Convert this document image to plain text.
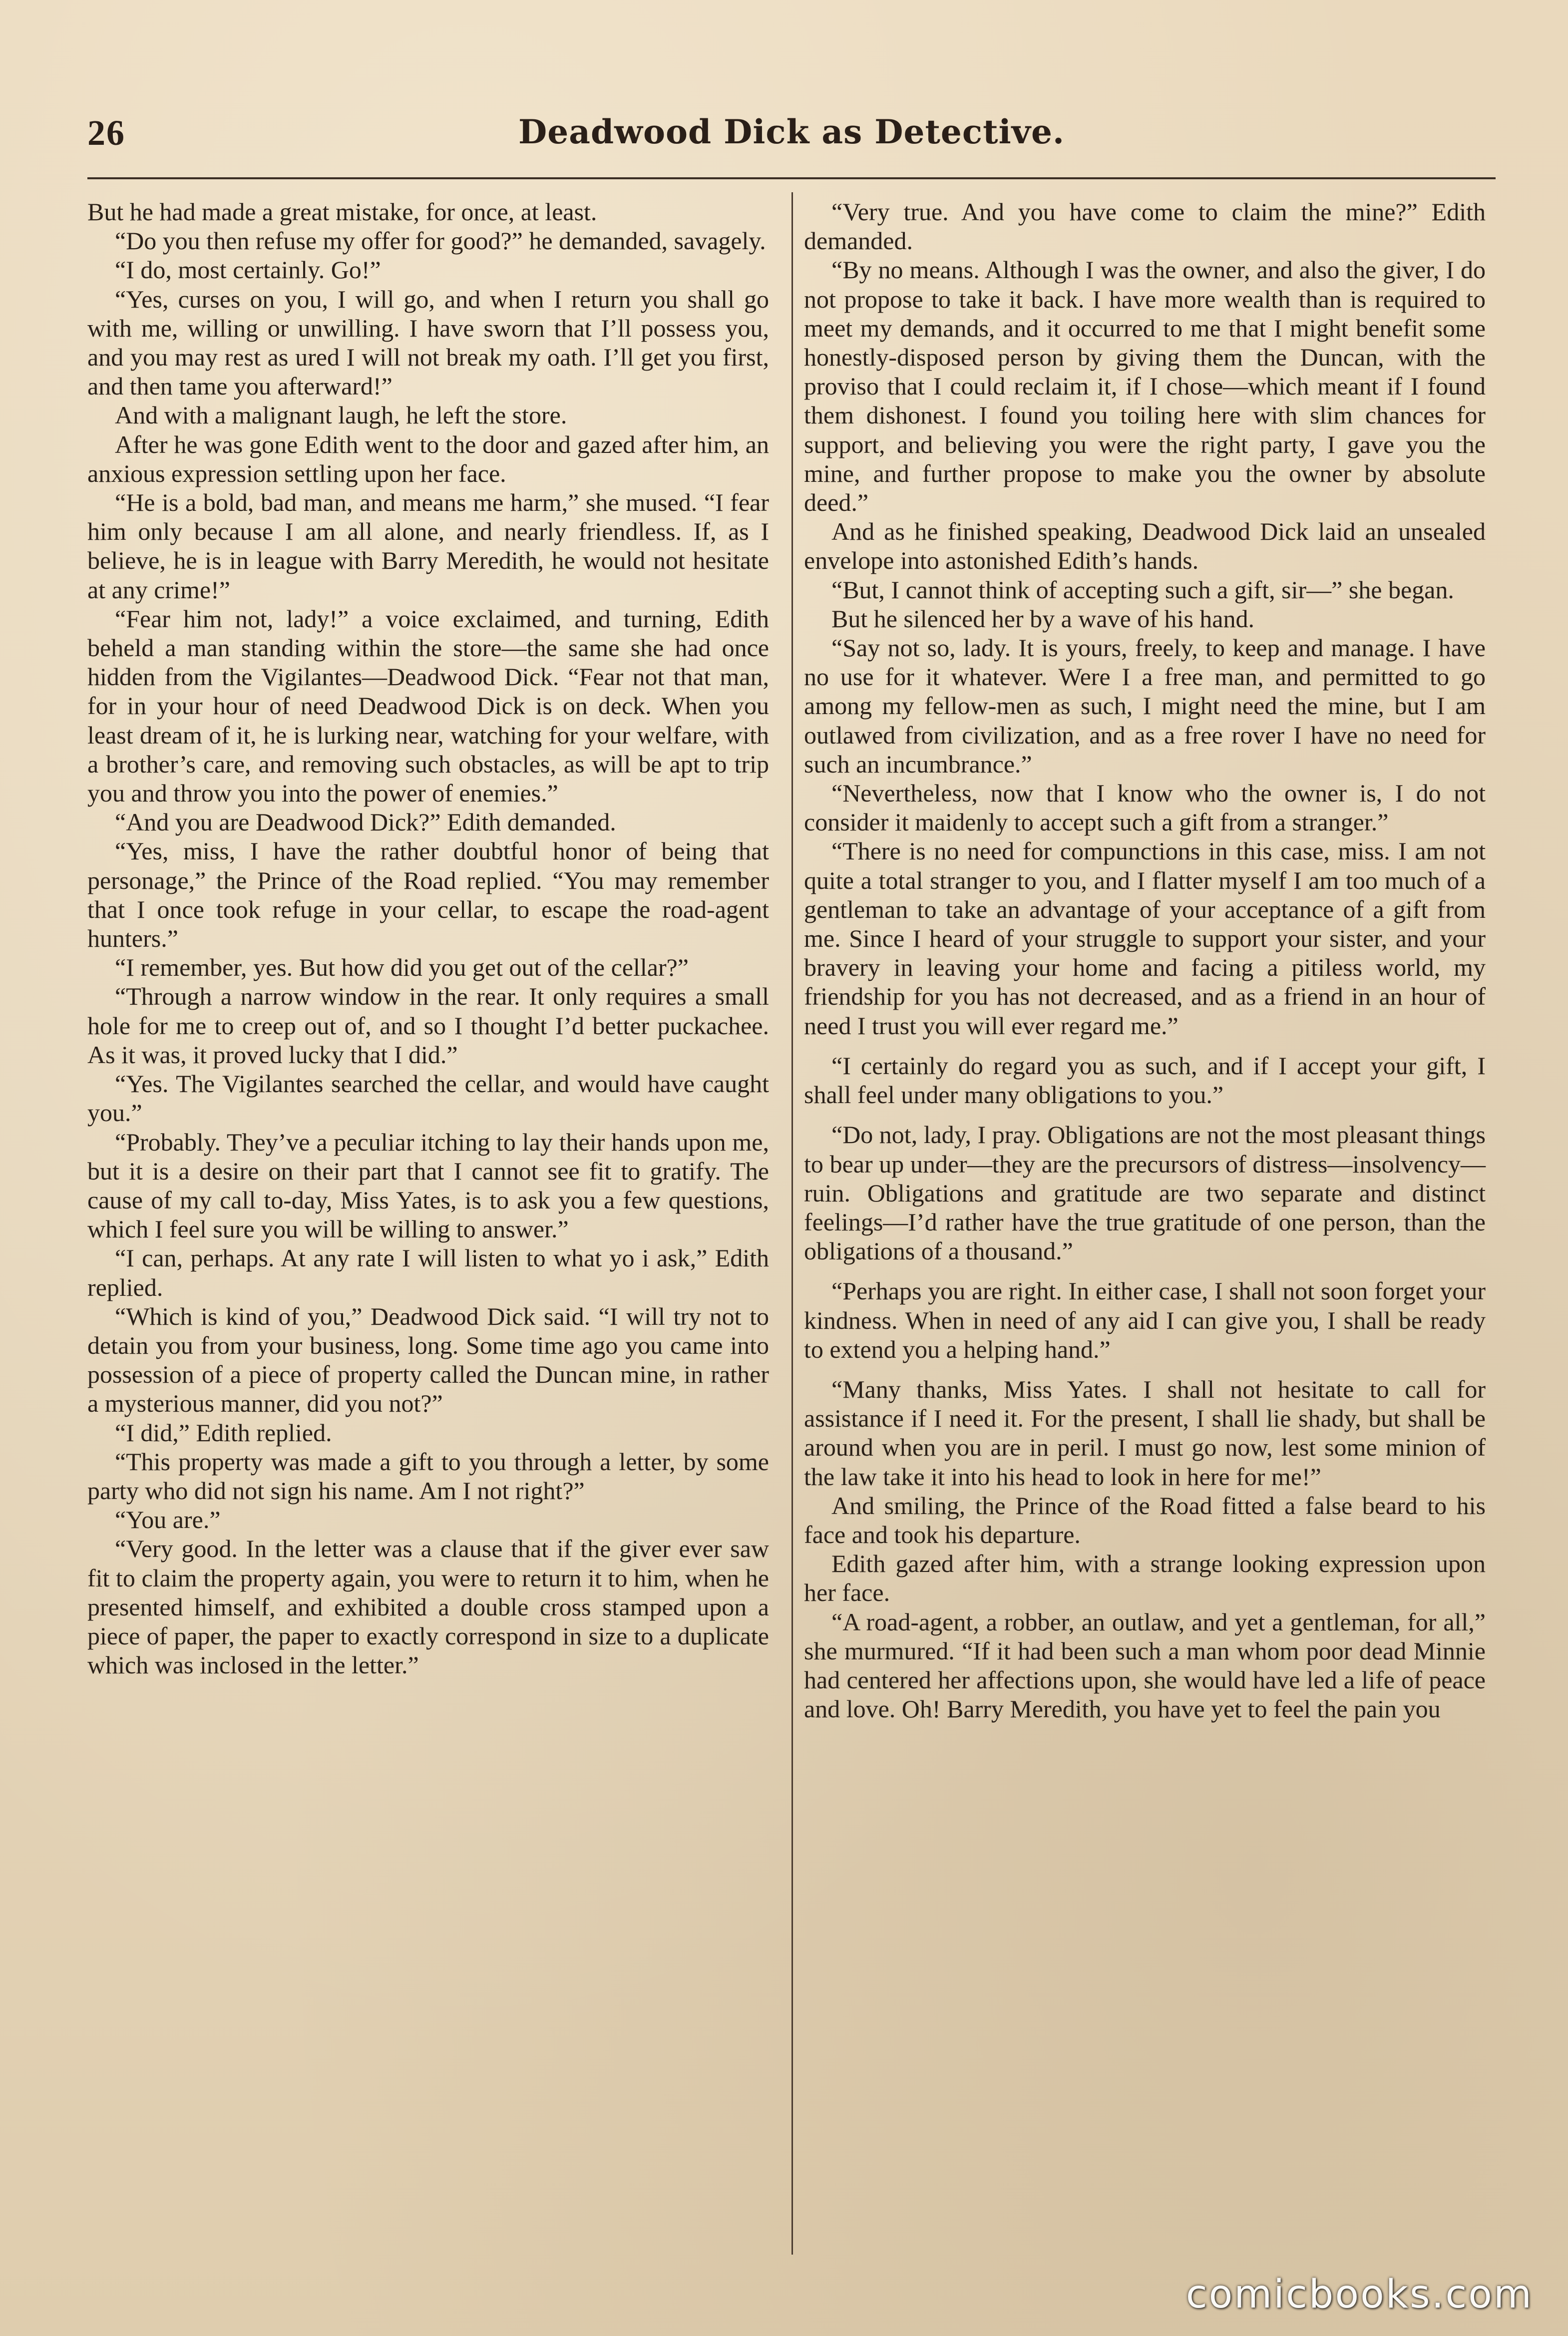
26	Deadwood Dick as Detective.

But he had made a great mistake, for once, at least.

“Do you then refuse my offer for good?” he demanded, savagely.

“I do, most certainly. Go!”

“Yes, curses on you, I will go, and when I return you shall go with me, willing or unwilling. I have sworn that I’ll possess you, and you may rest as ured I will not break my oath. I’ll get you first, and then tame you afterward!”

And with a malignant laugh, he left the store.

After he was gone Edith went to the door and gazed after him, an anxious expression settling upon her face.

“He is a bold, bad man, and means me harm,” she mused. “I fear him only because I am all alone, and nearly friendless. If, as I believe, he is in league with Barry Meredith, he would not hesitate at any crime!”

“Fear him not, lady!” a voice exclaimed, and turning, Edith beheld a man standing within the store—the same she had once hidden from the Vigilantes—Deadwood Dick. “Fear not that man, for in your hour of need Deadwood Dick is on deck. When you least dream of it, he is lurking near, watching for your welfare, with a brother’s care, and removing such obstacles, as will be apt to trip you and throw you into the power of enemies.”

“And you are Deadwood Dick?” Edith demanded.

“Yes, miss, I have the rather doubtful honor of being that personage,” the Prince of the Road replied. “You may remember that I once took refuge in your cellar, to escape the road-agent hunters.”

“I remember, yes. But how did you get out of the cellar?”

“Through a narrow window in the rear. It only requires a small hole for me to creep out of, and so I thought I’d better puckachee. As it was, it proved lucky that I did.”

“Yes. The Vigilantes searched the cellar, and would have caught you.”

“Probably. They’ve a peculiar itching to lay their hands upon me, but it is a desire on their part that I cannot see fit to gratify. The cause of my call to-day, Miss Yates, is to ask you a few questions, which I feel sure you will be willing to answer.”

“I can, perhaps. At any rate I will listen to what yo i ask,” Edith replied.

“Which is kind of you,” Deadwood Dick said. “I will try not to detain you from your business, long. Some time ago you came into possession of a piece of property called the Duncan mine, in rather a mysterious manner, did you not?”

“I did,” Edith replied.

“This property was made a gift to you through a letter, by some party who did not sign his name. Am I not right?”

“You are.”

“Very good. In the letter was a clause that if the giver ever saw fit to claim the property again, you were to return it to him, when he presented himself, and exhibited a double cross stamped upon a piece of paper, the paper to exactly correspond in size to a duplicate which was inclosed in the letter.”

“Very true. And you have come to claim the mine?” Edith demanded.

“By no means. Although I was the owner, and also the giver, I do not propose to take it back. I have more wealth than is required to meet my demands, and it occurred to me that I might benefit some honestly-disposed person by giving them the Duncan, with the proviso that I could reclaim it, if I chose—which meant if I found them dishonest. I found you toiling here with slim chances for support, and believing you were the right party, I gave you the mine, and further propose to make you the owner by absolute deed.”

And as he finished speaking, Deadwood Dick laid an unsealed envelope into astonished Edith’s hands.

“But, I cannot think of accepting such a gift, sir—” she began.

But he silenced her by a wave of his hand.

“Say not so, lady. It is yours, freely, to keep and manage. I have no use for it whatever. Were I a free man, and permitted to go among my fellow-men as such, I might need the mine, but I am outlawed from civilization, and as a free rover I have no need for such an incumbrance.”

“Nevertheless, now that I know who the owner is, I do not consider it maidenly to accept such a gift from a stranger.”

“There is no need for compunctions in this case, miss. I am not quite a total stranger to you, and I flatter myself I am too much of a gentleman to take an advantage of your acceptance of a gift from me. Since I heard of your struggle to support your sister, and your bravery in leaving your home and facing a pitiless world, my friendship for you has not decreased, and as a friend in an hour of need I trust you will ever regard me.”

“I certainly do regard you as such, and if I accept your gift, I shall feel under many obligations to you.”

“Do not, lady, I pray. Obligations are not the most pleasant things to bear up under—they are the precursors of distress—insolvency—ruin. Obligations and gratitude are two separate and distinct feelings—I’d rather have the true gratitude of one person, than the obligations of a thousand.”

“Perhaps you are right. In either case, I shall not soon forget your kindness. When in need of any aid I can give you, I shall be ready to extend you a helping hand.”

“Many thanks, Miss Yates. I shall not hesitate to call for assistance if I need it. For the present, I shall lie shady, but shall be around when you are in peril. I must go now, lest some minion of the law take it into his head to look in here for me!”

And smiling, the Prince of the Road fitted a false beard to his face and took his departure.

Edith gazed after him, with a strange looking expression upon her face.

“A road-agent, a robber, an outlaw, and yet a gentleman, for all,” she murmured. “If it had been such a man whom poor dead Minnie had centered her affections upon, she would have led a life of peace and love. Oh! Barry Meredith, you have yet to feel the pain you

comicbooks.com
